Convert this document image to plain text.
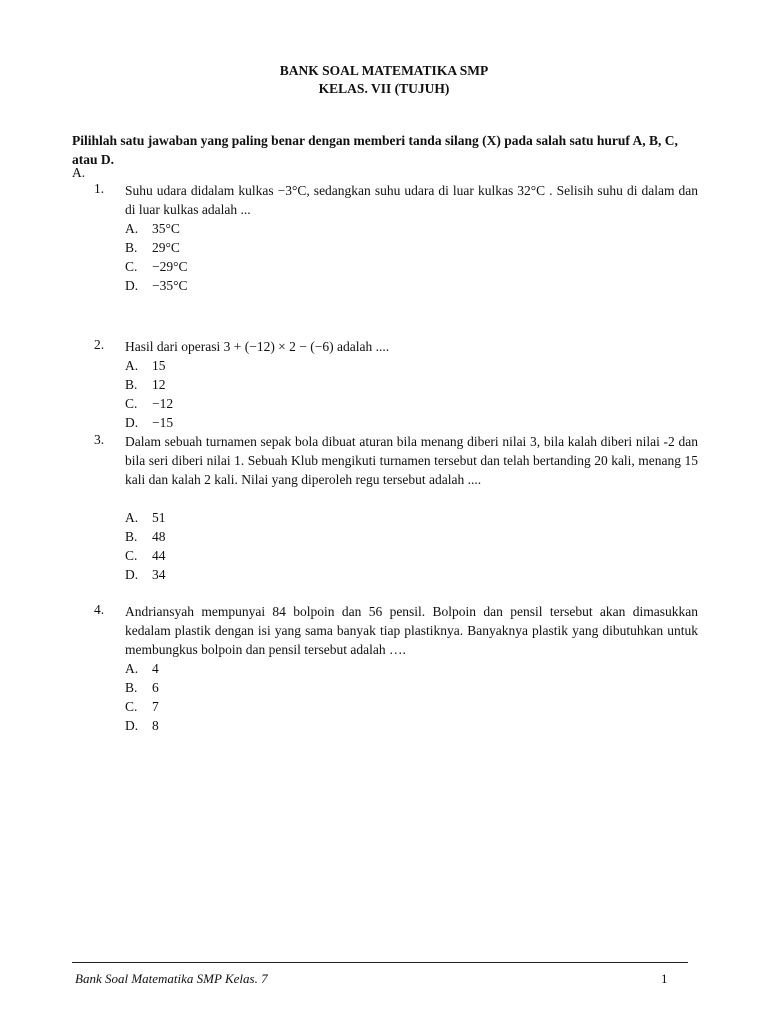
BANK SOAL MATEMATIKA SMP
KELAS. VII (TUJUH)
Pilihlah satu jawaban yang paling benar dengan memberi tanda silang (X) pada salah satu huruf A, B, C, atau D.
A.
1. Suhu udara didalam kulkas −3°C, sedangkan suhu udara di luar kulkas 32°C . Selisih suhu di dalam dan di luar kulkas adalah ...
A. 35°C
B. 29°C
C. −29°C
D. −35°C
2. Hasil dari operasi 3 + (−12) × 2 − (−6) adalah ....
A. 15
B. 12
C. −12
D. −15
3. Dalam sebuah turnamen sepak bola dibuat aturan bila menang diberi nilai 3, bila kalah diberi nilai -2 dan bila seri diberi nilai 1. Sebuah Klub mengikuti turnamen tersebut dan telah bertanding 20 kali, menang 15 kali dan kalah 2 kali. Nilai yang diperoleh regu tersebut adalah ....
A. 51
B. 48
C. 44
D. 34
4. Andriansyah mempunyai 84 bolpoin dan 56 pensil. Bolpoin dan pensil tersebut akan dimasukkan kedalam plastik dengan isi yang sama banyak tiap plastiknya. Banyaknya plastik yang dibutuhkan untuk membungkus bolpoin dan pensil tersebut adalah ….
A. 4
B. 6
C. 7
D. 8
Bank Soal Matematika SMP Kelas. 7	1
